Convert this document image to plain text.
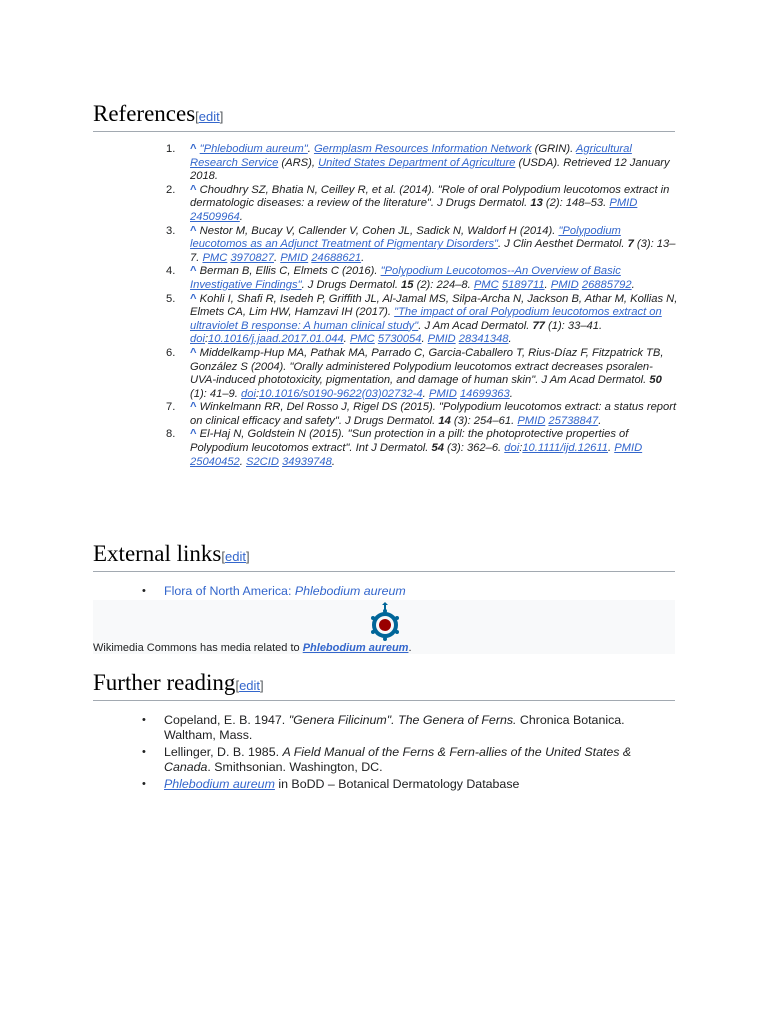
References[edit]
1. ^ "Phlebodium aureum". Germplasm Resources Information Network (GRIN). Agricultural Research Service (ARS), United States Department of Agriculture (USDA). Retrieved 12 January 2018.
2. ^ Choudhry SZ, Bhatia N, Ceilley R, et al. (2014). "Role of oral Polypodium leucotomos extract in dermatologic diseases: a review of the literature". J Drugs Dermatol. 13 (2): 148–53. PMID 24509964.
3. ^ Nestor M, Bucay V, Callender V, Cohen JL, Sadick N, Waldorf H (2014). "Polypodium leucotomos as an Adjunct Treatment of Pigmentary Disorders". J Clin Aesthet Dermatol. 7 (3): 13–7. PMC 3970827. PMID 24688621.
4. ^ Berman B, Ellis C, Elmets C (2016). "Polypodium Leucotomos--An Overview of Basic Investigative Findings". J Drugs Dermatol. 15 (2): 224–8. PMC 5189711. PMID 26885792.
5. ^ Kohli I, Shafi R, Isedeh P, Griffith JL, Al-Jamal MS, Silpa-Archa N, Jackson B, Athar M, Kollias N, Elmets CA, Lim HW, Hamzavi IH (2017). "The impact of oral Polypodium leucotomos extract on ultraviolet B response: A human clinical study". J Am Acad Dermatol. 77 (1): 33–41. doi:10.1016/j.jaad.2017.01.044. PMC 5730054. PMID 28341348.
6. ^ Middelkamp-Hup MA, Pathak MA, Parrado C, Garcia-Caballero T, Rius-Díaz F, Fitzpatrick TB, González S (2004). "Orally administered Polypodium leucotomos extract decreases psoralen-UVA-induced phototoxicity, pigmentation, and damage of human skin". J Am Acad Dermatol. 50 (1): 41–9. doi:10.1016/s0190-9622(03)02732-4. PMID 14699363.
7. ^ Winkelmann RR, Del Rosso J, Rigel DS (2015). "Polypodium leucotomos extract: a status report on clinical efficacy and safety". J Drugs Dermatol. 14 (3): 254–61. PMID 25738847.
8. ^ El-Haj N, Goldstein N (2015). "Sun protection in a pill: the photoprotective properties of Polypodium leucotomos extract". Int J Dermatol. 54 (3): 362–6. doi:10.1111/ijd.12611. PMID 25040452. S2CID 34939748.
External links[edit]
• Flora of North America: Phlebodium aureum
Wikimedia Commons has media related to Phlebodium aureum.
Further reading[edit]
• Copeland, E. B. 1947. "Genera Filicinum". The Genera of Ferns. Chronica Botanica. Waltham, Mass.
• Lellinger, D. B. 1985. A Field Manual of the Ferns & Fern-allies of the United States & Canada. Smithsonian. Washington, DC.
• Phlebodium aureum in BoDD – Botanical Dermatology Database
